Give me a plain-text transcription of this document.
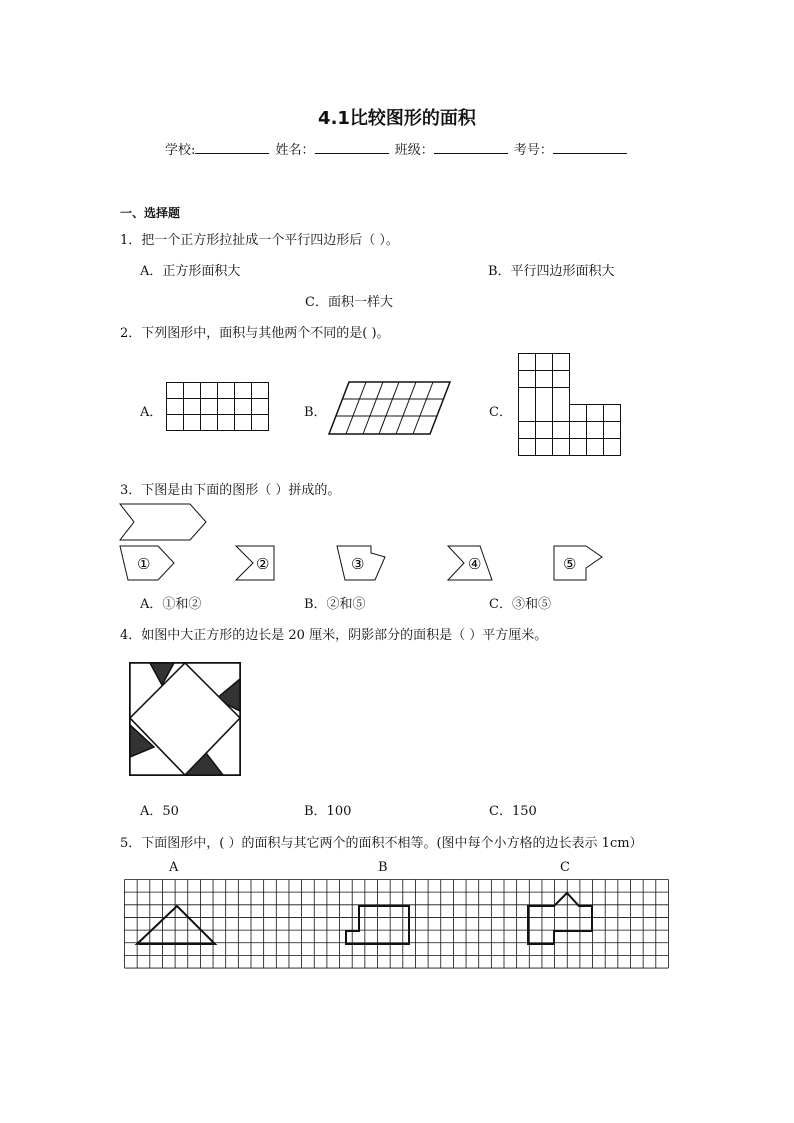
4.1比较图形的面积
学校:	姓名：	班级：	考号：
一、选择题
1．把一个正方形拉扯成一个平行四边形后（ ）。
A．正方形面积大	B．平行四边形面积大
C．面积一样大
2．下列图形中，面积与其他两个不同的是( )。
A．	B．	C．
3．下图是由下面的图形（ ）拼成的。
①	②	③	④	⑤
A．①和②	B．②和⑤	C．③和⑤
4．如图中大正方形的边长是 20 厘米，阴影部分的面积是（ ）平方厘米。
A．50	B．100	C．150
5．下面图形中，( ）的面积与其它两个的面积不相等。(图中每个小方格的边长表示 1cm）
A	B	C
